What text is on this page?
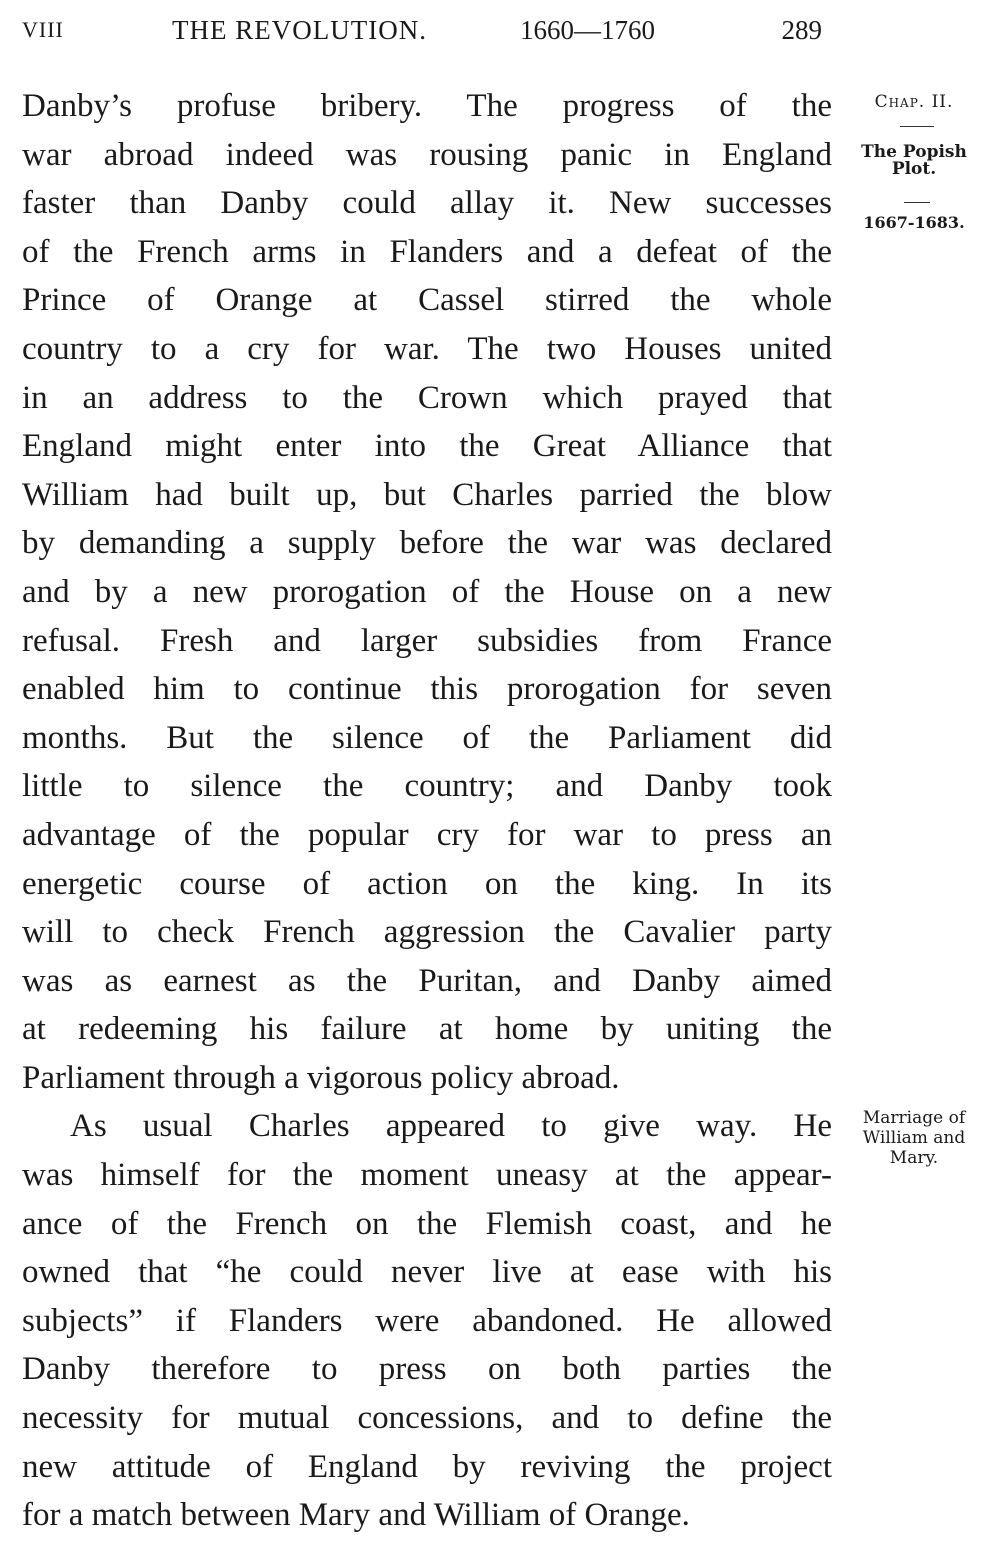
VIII	THE REVOLUTION.	1660—1760	289
Danby’s profuse bribery. The progress of the
war abroad indeed was rousing panic in England
faster than Danby could allay it. New successes
of the French arms in Flanders and a defeat of the
Prince of Orange at Cassel stirred the whole
country to a cry for war. The two Houses united
in an address to the Crown which prayed that
England might enter into the Great Alliance that
William had built up, but Charles parried the blow
by demanding a supply before the war was declared
and by a new prorogation of the House on a new
refusal. Fresh and larger subsidies from France
enabled him to continue this prorogation for seven
months. But the silence of the Parliament did
little to silence the country; and Danby took
advantage of the popular cry for war to press an
energetic course of action on the king. In its
will to check French aggression the Cavalier party
was as earnest as the Puritan, and Danby aimed
at redeeming his failure at home by uniting the
Parliament through a vigorous policy abroad.
As usual Charles appeared to give way. He
was himself for the moment uneasy at the appear-
ance of the French on the Flemish coast, and he
owned that “he could never live at ease with his
subjects” if Flanders were abandoned. He allowed
Danby therefore to press on both parties the
necessity for mutual concessions, and to define the
new attitude of England by reviving the project
for a match between Mary and William of Orange.
Chap. II.
The Popish
Plot.
1667-1683.
Marriage of
William and
Mary.
